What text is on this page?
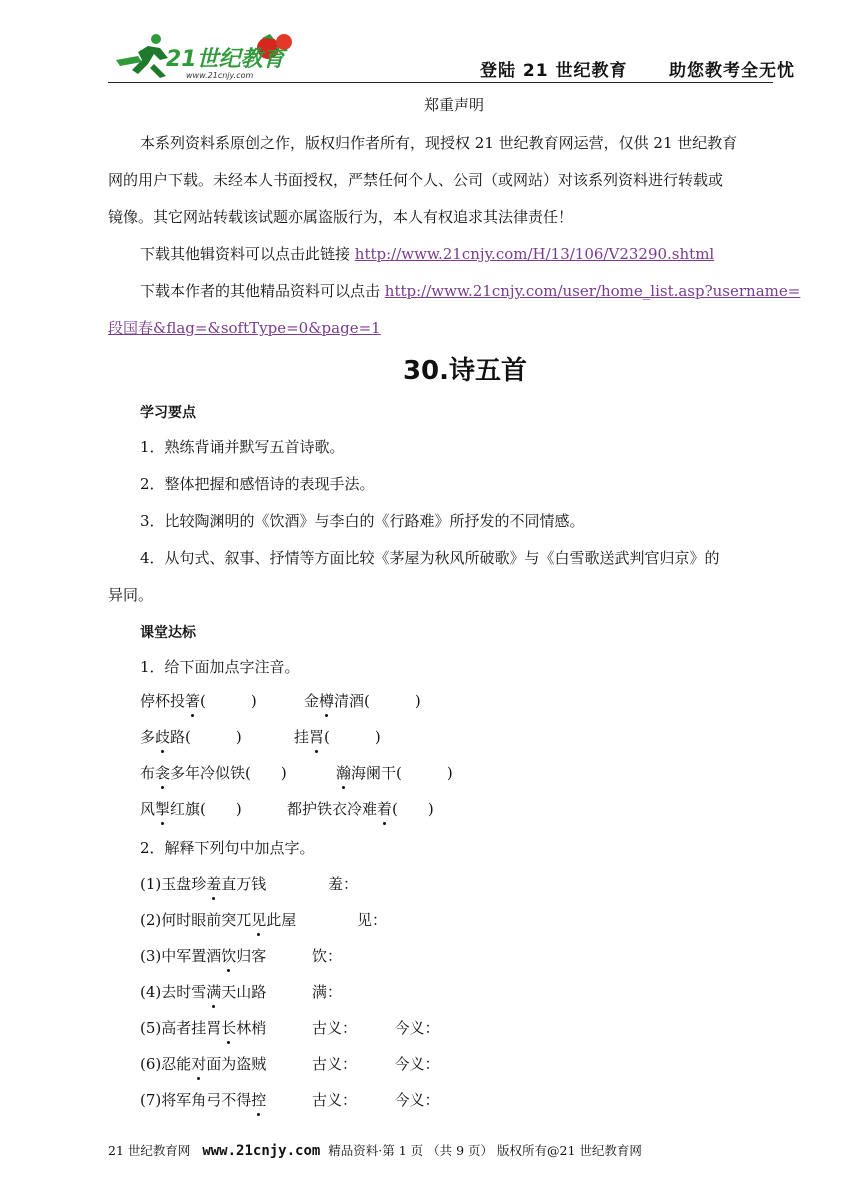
21世纪教育
www.21cnjy.com	登陆 21 世纪教育 助您教考全无忧
郑重声明
本系列资料系原创之作，版权归作者所有，现授权 21 世纪教育网运营，仅供 21 世纪教育
网的用户下载。未经本人书面授权，严禁任何个人、公司（或网站）对该系列资料进行转载或
镜像。其它网站转载该试题亦属盗版行为，本人有权追求其法律责任！
下载其他辑资料可以点击此链接 http://www.21cnjy.com/H/13/106/V23290.shtml
下载本作者的其他精品资料可以点击 http://www.21cnjy.com/user/home_list.asp?username=
段国春&flag=&softType=0&page=1
30.诗五首
学习要点
1．熟练背诵并默写五首诗歌。
2．整体把握和感悟诗的表现手法。
3．比较陶渊明的《饮酒》与李白的《行路难》所抒发的不同情感。
4．从句式、叙事、抒情等方面比较《茅屋为秋风所破歌》与《白雪歌送武判官归京》的
异同。
课堂达标
1．给下面加点字注音。
停杯投箸(　　　)	金樽清酒(　　　)
多歧路(　　　)	挂罥(　　　)
布衾多年冷似铁(　　)	瀚海阑干(　　　)
风掣红旗(　　)	都护铁衣冷难着(　　)
2．解释下列句中加点字。
(1)玉盘珍羞直万钱	羞：
(2)何时眼前突兀见此屋	见：
(3)中军置酒饮归客	饮：
(4)去时雪满天山路	满：
(5)高者挂罥长林梢	古义：　　　今义：
(6)忍能对面为盗贼	古义：　　　今义：
(7)将军角弓不得控	古义：　　　今义：
21 世纪教育网 www.21cnjy.com 精品资料·第 1 页 （共 9 页） 版权所有@21 世纪教育网
